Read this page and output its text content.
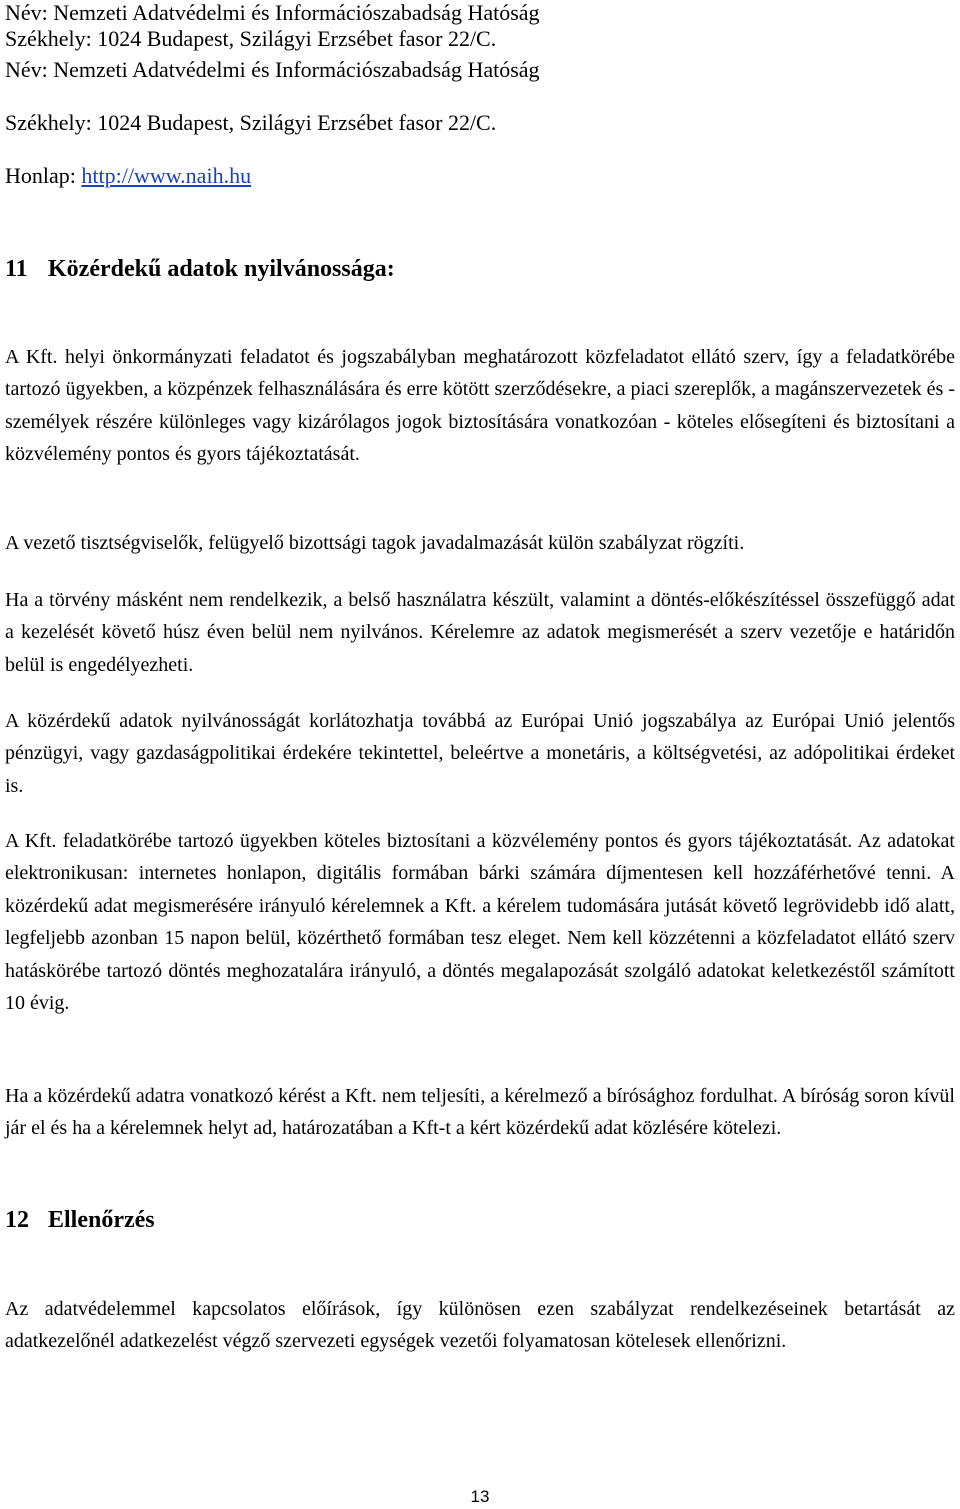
Név: Nemzeti Adatvédelmi és Információszabadság Hatóság
Székhely: 1024 Budapest, Szilágyi Erzsébet fasor 22/C.
Név: Nemzeti Adatvédelmi és Információszabadság Hatóság
Székhely: 1024 Budapest, Szilágyi Erzsébet fasor 22/C.
Honlap: http://www.naih.hu
11 Közérdekű adatok nyilvánossága:

A Kft. helyi önkormányzati feladatot és jogszabályban meghatározott közfeladatot ellátó szerv, így a feladatkörébe tartozó ügyekben, a közpénzek felhasználására és erre kötött szerződésekre, a piaci szereplők, a magánszervezetek és - személyek részére különleges vagy kizárólagos jogok biztosítására vonatkozóan - köteles elősegíteni és biztosítani a közvélemény pontos és gyors tájékoztatását.

A vezető tisztségviselők, felügyelő bizottsági tagok javadalmazását külön szabályzat rögzíti.

Ha a törvény másként nem rendelkezik, a belső használatra készült, valamint a döntés-előkészítéssel összefüggő adat a kezelését követő húsz éven belül nem nyilvános. Kérelemre az adatok megismerését a szerv vezetője e határidőn belül is engedélyezheti.

A közérdekű adatok nyilvánosságát korlátozhatja továbbá az Európai Unió jogszabálya az Európai Unió jelentős pénzügyi, vagy gazdaságpolitikai érdekére tekintettel, beleértve a monetáris, a költségvetési, az adópolitikai érdeket is.

A Kft. feladatkörébe tartozó ügyekben köteles biztosítani a közvélemény pontos és gyors tájékoztatását. Az adatokat elektronikusan: internetes honlapon, digitális formában bárki számára díjmentesen kell hozzáférhetővé tenni. A közérdekű adat megismerésére irányuló kérelemnek a Kft. a kérelem tudomására jutását követő legrövidebb idő alatt, legfeljebb azonban 15 napon belül, közérthető formában tesz eleget. Nem kell közzétenni a közfeladatot ellátó szerv hatáskörébe tartozó döntés meghozatalára irányuló, a döntés megalapozását szolgáló adatokat keletkezéstől számított 10 évig.

Ha a közérdekű adatra vonatkozó kérést a Kft. nem teljesíti, a kérelmező a bírósághoz fordulhat. A bíróság soron kívül jár el és ha a kérelemnek helyt ad, határozatában a Kft-t a kért közérdekű adat közlésére kötelezi.

12 Ellenőrzés

Az adatvédelemmel kapcsolatos előírások, így különösen ezen szabályzat rendelkezéseinek betartását az adatkezelőnél adatkezelést végző szervezeti egységek vezetői folyamatosan kötelesek ellenőrizni.

13
